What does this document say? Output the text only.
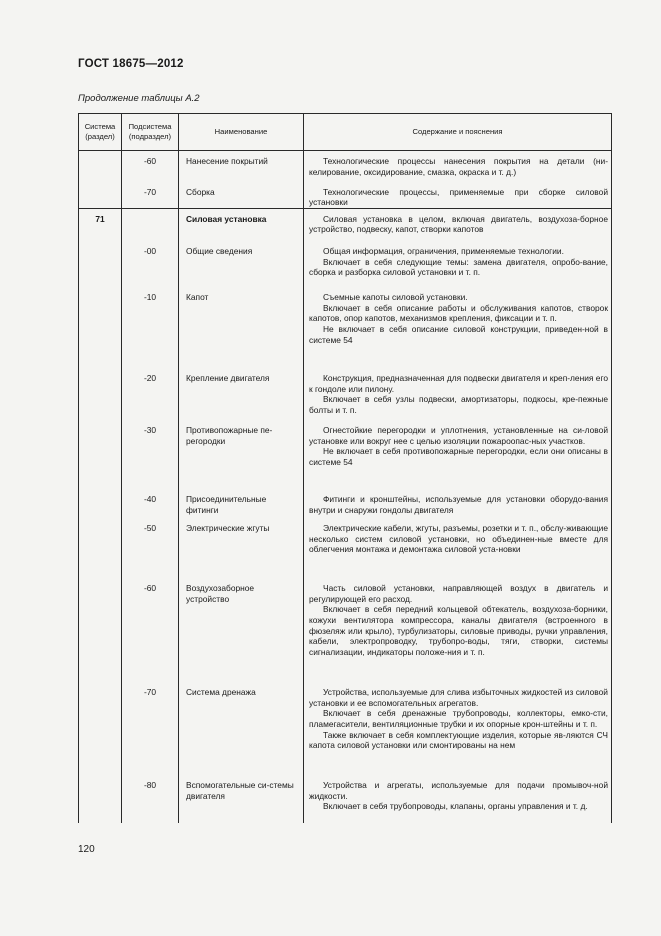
ГОСТ 18675—2012
Продолжение таблицы А.2
Система (раздел)	Подсистема (подраздел)	Наименование	Содержание и пояснения
	-60	Нанесение покрытий	Технологические процессы нанесения покрытия на детали (ни-келирование, оксидирование, смазка, окраска и т. д.)

	-70	Сборка	Технологические процессы, применяемые при сборке силовой установки

71		Силовая установка	Силовая установка в целом, включая двигатель, воздухоза-борное устройство, подвеску, капот, створки капотов

	-00	Общие сведения	Общая информация, ограничения, применяемые технологии.
Включает в себя следующие темы: замена двигателя, опробо-вание, сборка и разборка силовой установки и т. п.

	-10	Капот	Съемные капоты силовой установки.
Включает в себя описание работы и обслуживания капотов, створок капотов, опор капотов, механизмов крепления, фиксации и т. п.
Не включает в себя описание силовой конструкции, приведен-ной в системе 54

	-20	Крепление двигателя	Конструкция, предназначенная для подвески двигателя и креп-ления его к гондоле или пилону.
Включает в себя узлы подвески, амортизаторы, подкосы, кре-пежные болты и т. п.

	-30	Противопожарные пе-регородки	Огнестойкие перегородки и уплотнения, установленные на си-ловой установке или вокруг нее с целью изоляции пожароопас-ных участков.
Не включает в себя противопожарные перегородки, если они описаны в системе 54

	-40	Присоединительные фитинги	Фитинги и кронштейны, используемые для установки оборудо-вания внутри и снаружи гондолы двигателя

	-50	Электрические жгуты	Электрические кабели, жгуты, разъемы, розетки и т. п., обслу-живающие несколько систем силовой установки, но объединен-ные вместе для облегчения монтажа и демонтажа силовой уста-новки

	-60	Воздухозаборное устройство	Часть силовой установки, направляющей воздух в двигатель и регулирующей его расход.
Включает в себя передний кольцевой обтекатель, воздухоза-борники, кожухи вентилятора компрессора, каналы двигателя (встроенного в фюзеляж или крыло), турбулизаторы, силовые приводы, ручки управления, кабели, электропроводку, трубопро-воды, тяги, створки, системы сигнализации, индикаторы положе-ния и т. п.

	-70	Система дренажа	Устройства, используемые для слива избыточных жидкостей из силовой установки и ее вспомогательных агрегатов.
Включает в себя дренажные трубопроводы, коллекторы, емко-сти, пламегасители, вентиляционные трубки и их опорные крон-штейны и т. п.
Также включает в себя комплектующие изделия, которые яв-ляются СЧ капота силовой установки или смонтированы на нем

	-80	Вспомогательные си-стемы двигателя	Устройства и агрегаты, используемые для подачи промывоч-ной жидкости.
Включает в себя трубопроводы, клапаны, органы управления и т. д.
120
